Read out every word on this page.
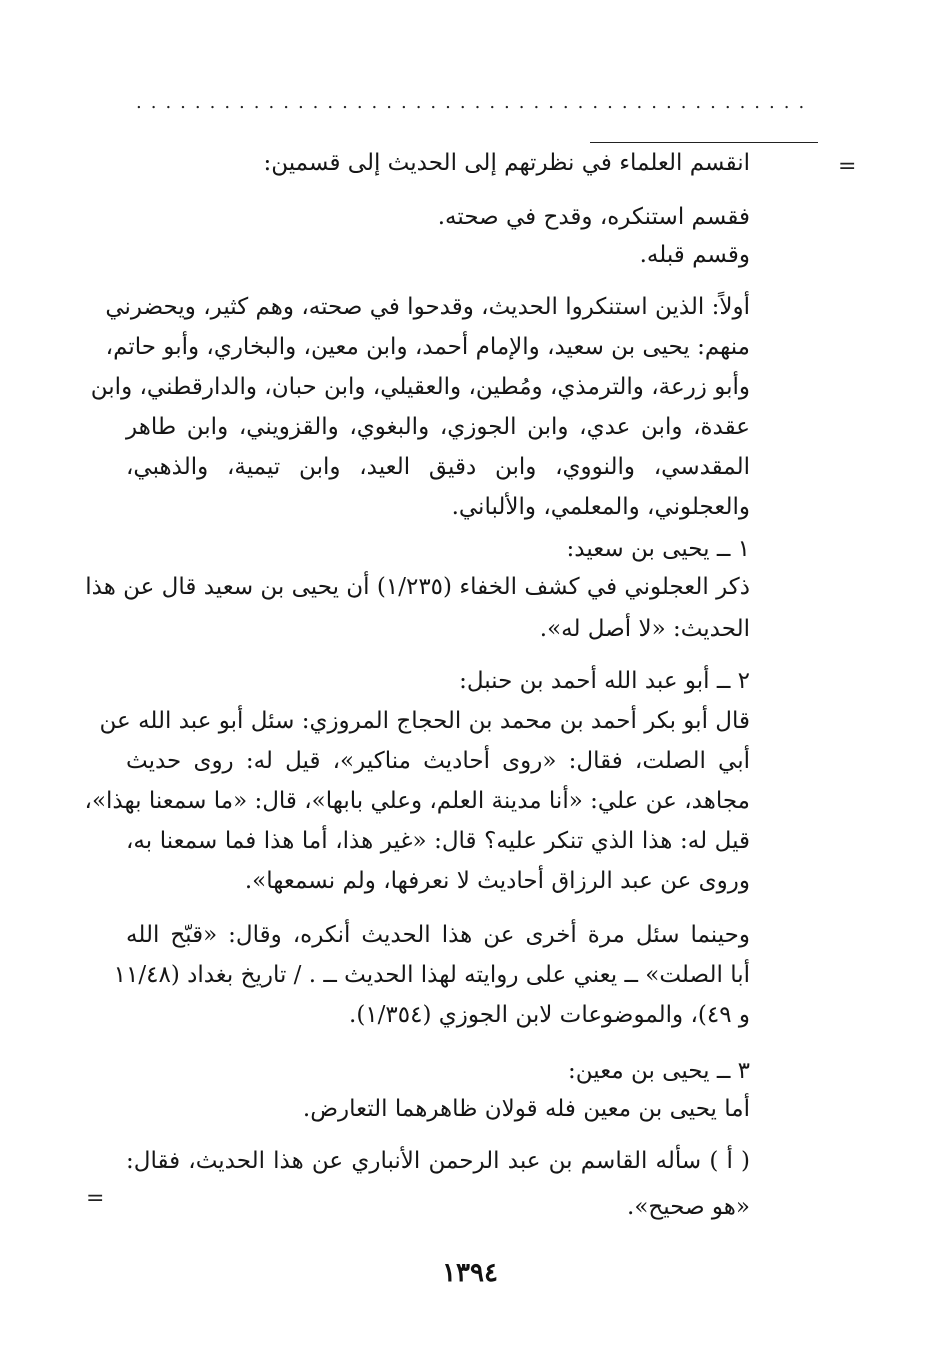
..............................................
=
=
انقسم العلماء في نظرتهم إلى الحديث إلى قسمين:
فقسم استنكره، وقدح في صحته.
وقسم قبله.
أولاً: الذين استنكروا الحديث، وقدحوا في صحته، وهم كثير، ويحضرني
منهم: يحيى بن سعيد، والإمام أحمد، وابن معين، والبخاري، وأبو حاتم،
وأبو زرعة، والترمذي، ومُطين، والعقيلي، وابن حبان، والدارقطني، وابن
عقدة، وابن عدي، وابن الجوزي، والبغوي، والقزويني، وابن طاهر
المقدسي، والنووي، وابن دقيق العيد، وابن تيمية، والذهبي،
والعجلوني، والمعلمي، والألباني.
١ ــ يحيى بن سعيد:
ذكر العجلوني في كشف الخفاء (١/٢٣٥) أن يحيى بن سعيد قال عن هذا
الحديث: «لا أصل له».
٢ ــ أبو عبد الله أحمد بن حنبل:
قال أبو بكر أحمد بن محمد بن الحجاج المروزي: سئل أبو عبد الله عن
أبي الصلت، فقال: «روى أحاديث مناكير»، قيل له: روى حديث
مجاهد، عن علي: «أنا مدينة العلم، وعلي بابها»، قال: «ما سمعنا بهذا»،
قيل له: هذا الذي تنكر عليه؟ قال: «غير هذا، أما هذا فما سمعنا به،
وروى عن عبد الرزاق أحاديث لا نعرفها، ولم نسمعها».
وحينما سئل مرة أخرى عن هذا الحديث أنكره، وقال: «قبّح الله
أبا الصلت» ــ يعني على روايته لهذا الحديث ــ . / تاريخ بغداد (١١/٤٨
و ٤٩)، والموضوعات لابن الجوزي (١/٣٥٤).
٣ ــ يحيى بن معين:
أما يحيى بن معين فله قولان ظاهرهما التعارض.
( أ ) سأله القاسم بن عبد الرحمن الأنباري عن هذا الحديث، فقال:
«هو صحيح».
١٣٩٤
